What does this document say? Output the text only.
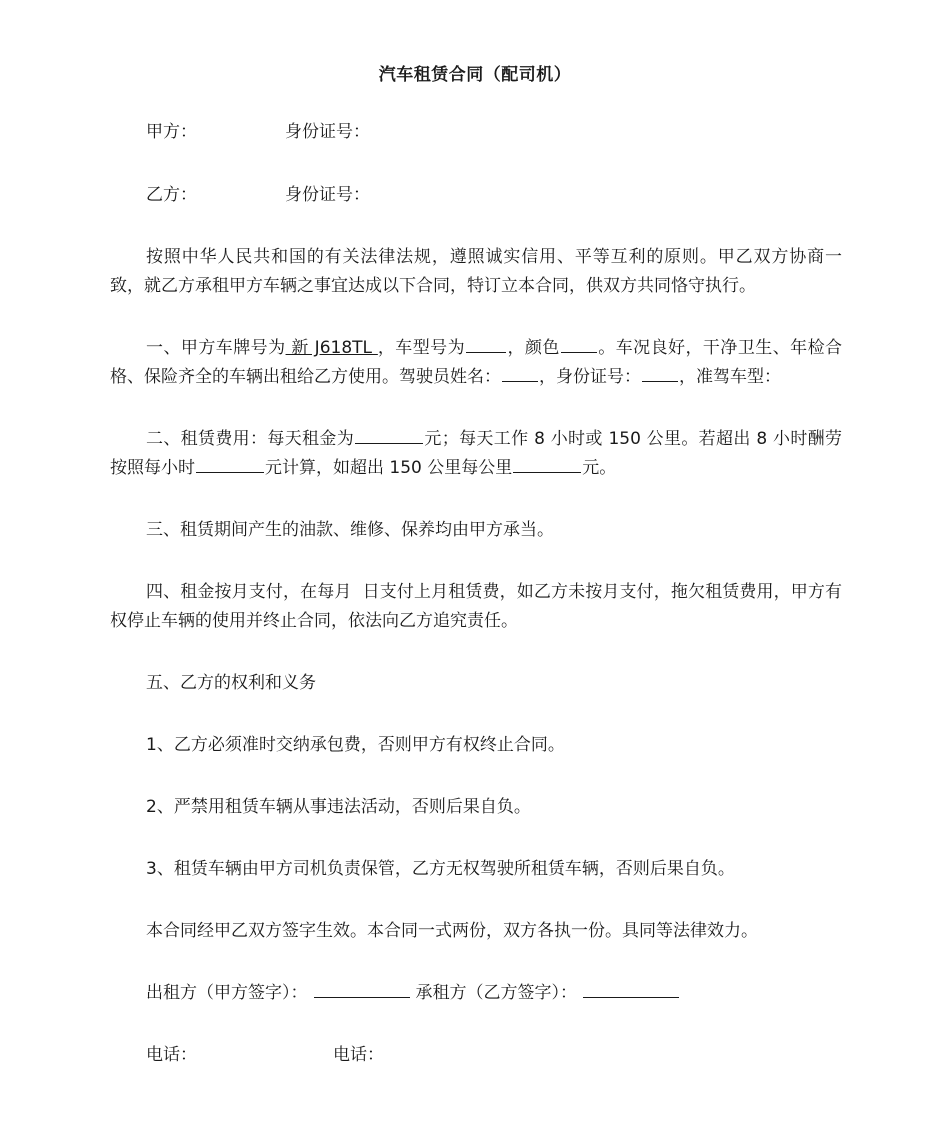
汽车租赁合同（配司机）
甲方：	身份证号：
乙方：	身份证号：
按照中华人民共和国的有关法律法规，遵照诚实信用、平等互利的原则。甲乙双方协商一致，就乙方承租甲方车辆之事宜达成以下合同，特订立本合同，供双方共同恪守执行。
一、甲方车牌号为 新 J618TL ，车型号为 ，颜色 。车况良好，干净卫生、年检合格、保险齐全的车辆出租给乙方使用。驾驶员姓名： ，身份证号： ，准驾车型：
二、租赁费用：每天租金为	元；每天工作 8 小时或 150 公里。若超出 8 小时酬劳按照每小时	元计算，如超出 150 公里每公里	元。
三、租赁期间产生的油款、维修、保养均由甲方承当。
四、租金按月支付，在每月  日支付上月租赁费，如乙方未按月支付，拖欠租赁费用，甲方有权停止车辆的使用并终止合同，依法向乙方追究责任。
五、乙方的权利和义务
1、乙方必须准时交纳承包费，否则甲方有权终止合同。
2、严禁用租赁车辆从事违法活动，否则后果自负。
3、租赁车辆由甲方司机负责保管，乙方无权驾驶所租赁车辆，否则后果自负。
本合同经甲乙双方签字生效。本合同一式两份，双方各执一份。具同等法律效力。
出租方（甲方签字）：	承租方（乙方签字）：
电话：	电话：
